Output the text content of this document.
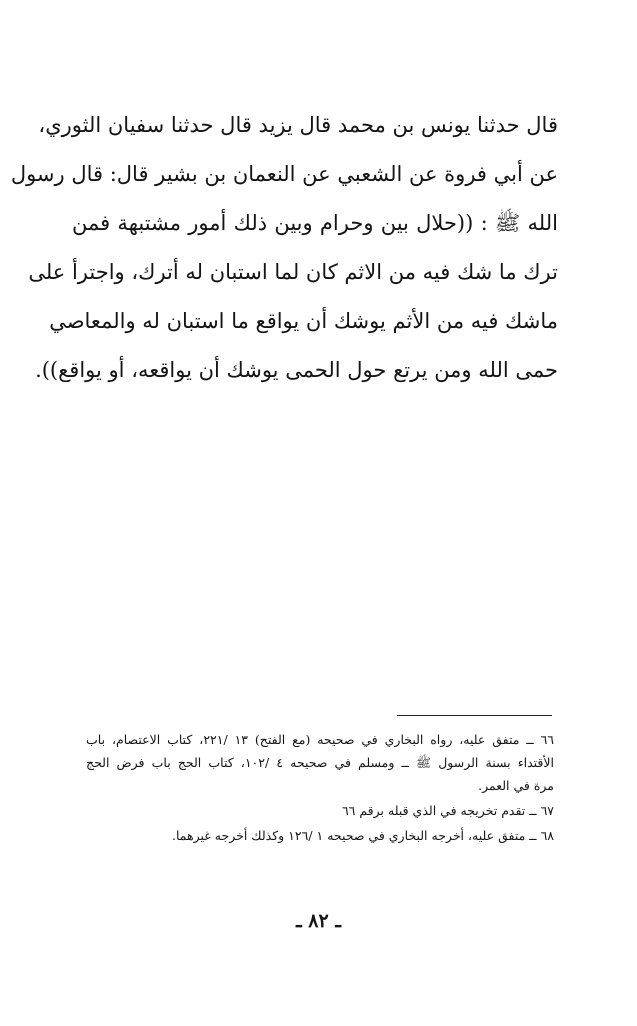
قال حدثنا يونس بن محمد قال يزيد قال حدثنا سفيان الثوري،
عن أبي فروة عن الشعبي عن النعمان بن بشير قال: قال رسول
الله ﷺ : ((حلال بين وحرام وبين ذلك أمور مشتبهة فمن
ترك ما شك فيه من الاثم كان لما استبان له أترك، واجترأ على
ماشك فيه من الأثم يوشك أن يواقع ما استبان له والمعاصي
حمى الله ومن يرتع حول الحمى يوشك أن يواقعه، أو يواقع)).
٦٦ ــ متفق عليه، رواه البخاري في صحيحه (مع الفتح) ١٣ /٢٢١، كتاب الاعتصام، باب
الأقتداء بسنة الرسول ﷺ ــ ومسلم في صحيحه ٤ /١٠٢، كتاب الحج باب فرض الحج
مرة في العمر.
٦٧ ــ تقدم تخريجه في الذي قبله برقم ٦٦
٦٨ ــ متفق عليه، أخرجه البخاري في صحيحه ١ /١٢٦ وكذلك أخرجه غيرهما.
ـ ٨٢ ـ
